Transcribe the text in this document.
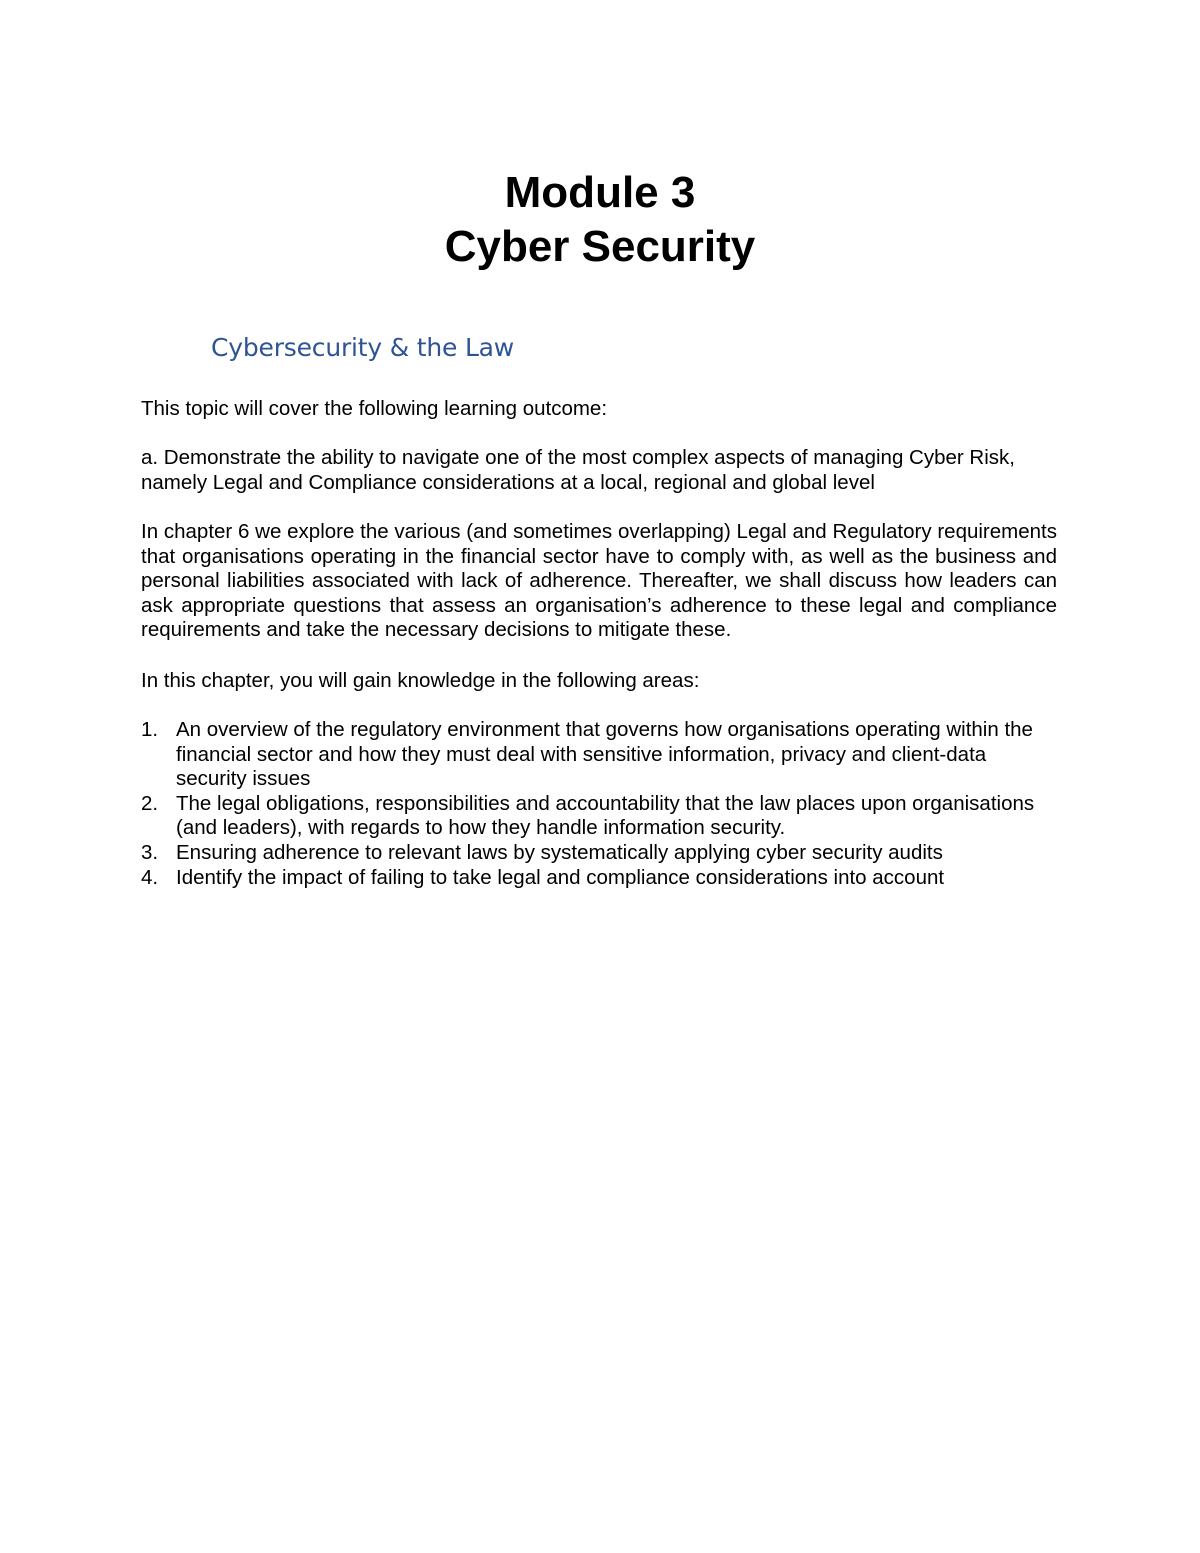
Module 3
Cyber Security
Cybersecurity & the Law

This topic will cover the following learning outcome:

a. Demonstrate the ability to navigate one of the most complex aspects of managing Cyber Risk, namely Legal and Compliance considerations at a local, regional and global level

In chapter 6 we explore the various (and sometimes overlapping) Legal and Regulatory requirements that organisations operating in the financial sector have to comply with, as well as the business and personal liabilities associated with lack of adherence. Thereafter, we shall discuss how leaders can ask appropriate questions that assess an organisation’s adherence to these legal and compliance requirements and take the necessary decisions to mitigate these.

In this chapter, you will gain knowledge in the following areas:

1. An overview of the regulatory environment that governs how organisations operating within the financial sector and how they must deal with sensitive information, privacy and client-data security issues
2. The legal obligations, responsibilities and accountability that the law places upon organisations (and leaders), with regards to how they handle information security.
3. Ensuring adherence to relevant laws by systematically applying cyber security audits
4. Identify the impact of failing to take legal and compliance considerations into account
